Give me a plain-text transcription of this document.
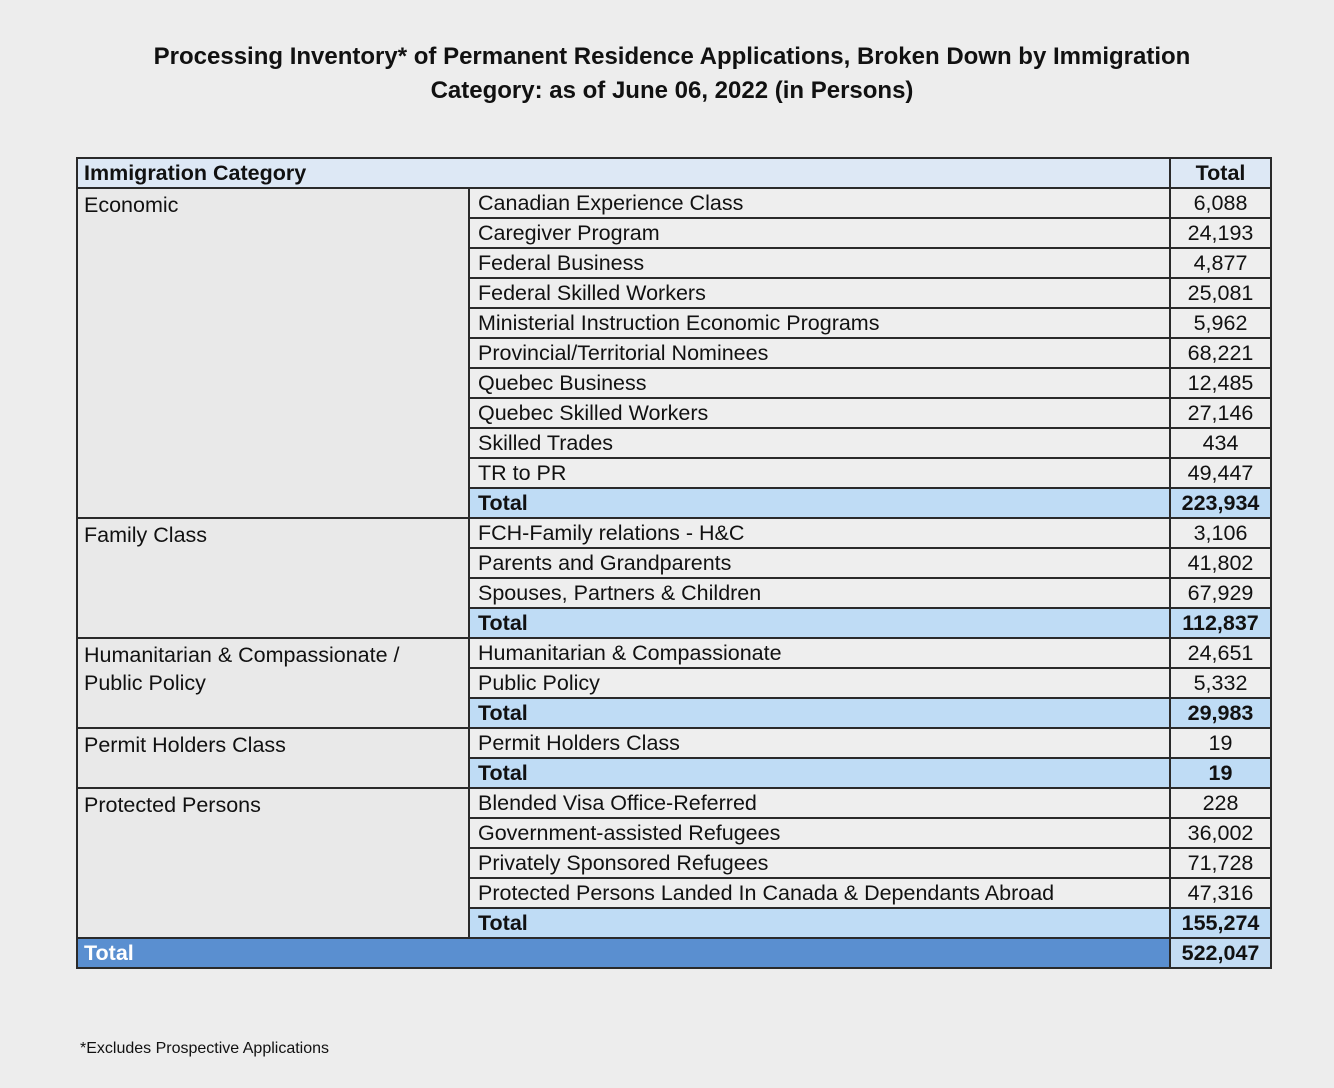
Processing Inventory* of Permanent Residence Applications, Broken Down by Immigration Category: as of June 06, 2022 (in Persons)
Immigration Category		Total
Economic	Canadian Experience Class	6,088
	Caregiver Program	24,193
	Federal Business	4,877
	Federal Skilled Workers	25,081
	Ministerial Instruction Economic Programs	5,962
	Provincial/Territorial Nominees	68,221
	Quebec Business	12,485
	Quebec Skilled Workers	27,146
	Skilled Trades	434
	TR to PR	49,447
	Total	223,934
Family Class	FCH-Family relations - H&C	3,106
	Parents and Grandparents	41,802
	Spouses, Partners & Children	67,929
	Total	112,837
Humanitarian & Compassionate / Public Policy	Humanitarian & Compassionate	24,651
	Public Policy	5,332
	Total	29,983
Permit Holders Class	Permit Holders Class	19
	Total	19
Protected Persons	Blended Visa Office-Referred	228
	Government-assisted Refugees	36,002
	Privately Sponsored Refugees	71,728
	Protected Persons Landed In Canada & Dependants Abroad	47,316
	Total	155,274
Total		522,047
*Excludes Prospective Applications
